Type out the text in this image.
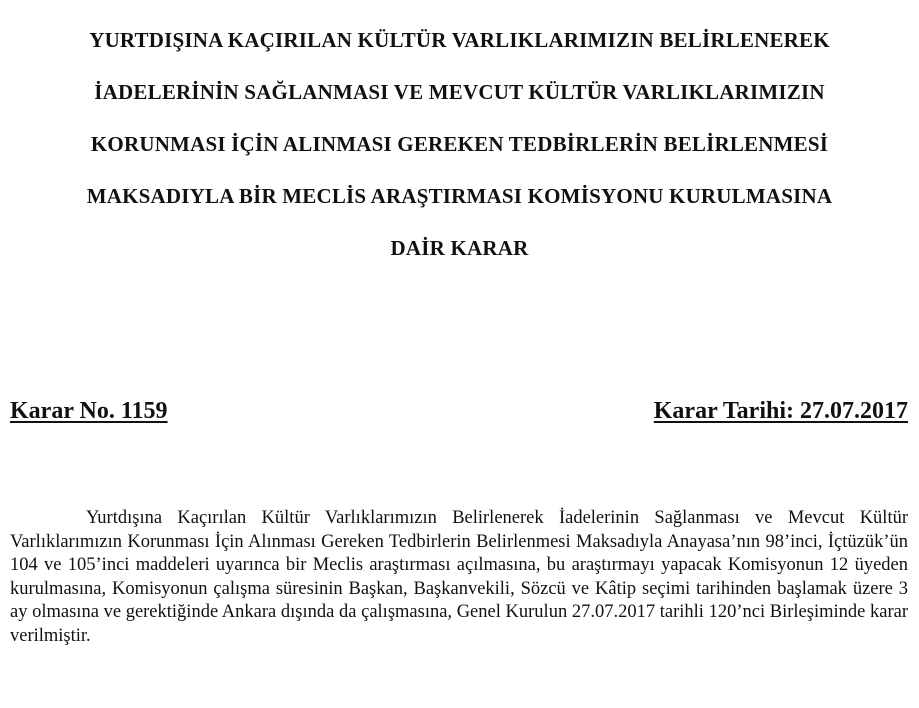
YURTDIŞINA KAÇIRILAN KÜLTÜR VARLIKLARIMIZIN BELİRLENEREK
İADELERİNİN SAĞLANMASI VE MEVCUT KÜLTÜR VARLIKLARIMIZIN
KORUNMASI İÇİN ALINMASI GEREKEN TEDBİRLERİN BELİRLENMESİ
MAKSADIYLA BİR MECLİS ARAŞTIRMASI KOMİSYONU KURULMASINA
DAİR KARAR
Karar No. 1159	Karar Tarihi: 27.07.2017

Yurtdışına Kaçırılan Kültür Varlıklarımızın Belirlenerek İadelerinin Sağlanması ve Mevcut Kültür Varlıklarımızın Korunması İçin Alınması Gereken Tedbirlerin Belirlenmesi Maksadıyla Anayasa’nın 98’inci, İçtüzük’ün 104 ve 105’inci maddeleri uyarınca bir Meclis araştırması açılmasına, bu araştırmayı yapacak Komisyonun 12 üyeden kurulmasına, Komisyonun çalışma süresinin Başkan, Başkanvekili, Sözcü ve Kâtip seçimi tarihinden başlamak üzere 3 ay olmasına ve gerektiğinde Ankara dışında da çalışmasına, Genel Kurulun 27.07.2017 tarihli 120’nci Birleşiminde karar verilmiştir.
